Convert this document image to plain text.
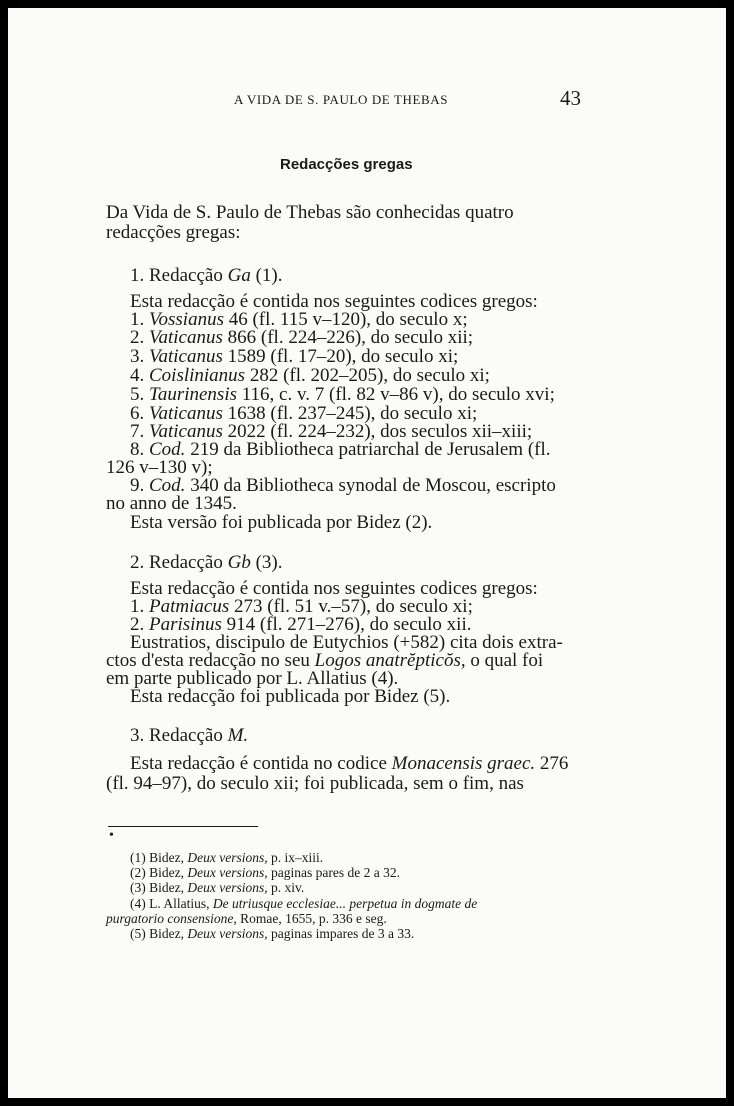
A VIDA DE S. PAULO DE THEBAS	43
Redacções gregas
Da Vida de S. Paulo de Thebas são conhecidas quatro
redacções gregas:
1. Redacção Ga (1).
Esta redacção é contida nos seguintes codices gregos:
1. Vossianus 46 (fl. 115 v–120), do seculo x;
2. Vaticanus 866 (fl. 224–226), do seculo xii;
3. Vaticanus 1589 (fl. 17–20), do seculo xi;
4. Coislinianus 282 (fl. 202–205), do seculo xi;
5. Taurinensis 116, c. v. 7 (fl. 82 v–86 v), do seculo xvi;
6. Vaticanus 1638 (fl. 237–245), do seculo xi;
7. Vaticanus 2022 (fl. 224–232), dos seculos xii–xiii;
8. Cod. 219 da Bibliotheca patriarchal de Jerusalem (fl.
126 v–130 v);
9. Cod. 340 da Bibliotheca synodal de Moscou, escripto
no anno de 1345.
Esta versão foi publicada por Bidez (2).
2. Redacção Gb (3).
Esta redacção é contida nos seguintes codices gregos:
1. Patmiacus 273 (fl. 51 v.–57), do seculo xi;
2. Parisinus 914 (fl. 271–276), do seculo xii.
Eustratios, discipulo de Eutychios (+582) cita dois extra-
ctos d'esta redacção no seu Logos anatrĕpticŏs, o qual foi
em parte publicado por L. Allatius (4).
Esta redacção foi publicada por Bidez (5).
3. Redacção M.
Esta redacção é contida no codice Monacensis graec. 276
(fl. 94–97), do seculo xii; foi publicada, sem o fim, nas
•
(1) Bidez, Deux versions, p. ix–xiii.
(2) Bidez, Deux versions, paginas pares de 2 a 32.
(3) Bidez, Deux versions, p. xiv.
(4) L. Allatius, De utriusque ecclesiae... perpetua in dogmate de
purgatorio consensione, Romae, 1655, p. 336 e seg.
(5) Bidez, Deux versions, paginas impares de 3 a 33.
